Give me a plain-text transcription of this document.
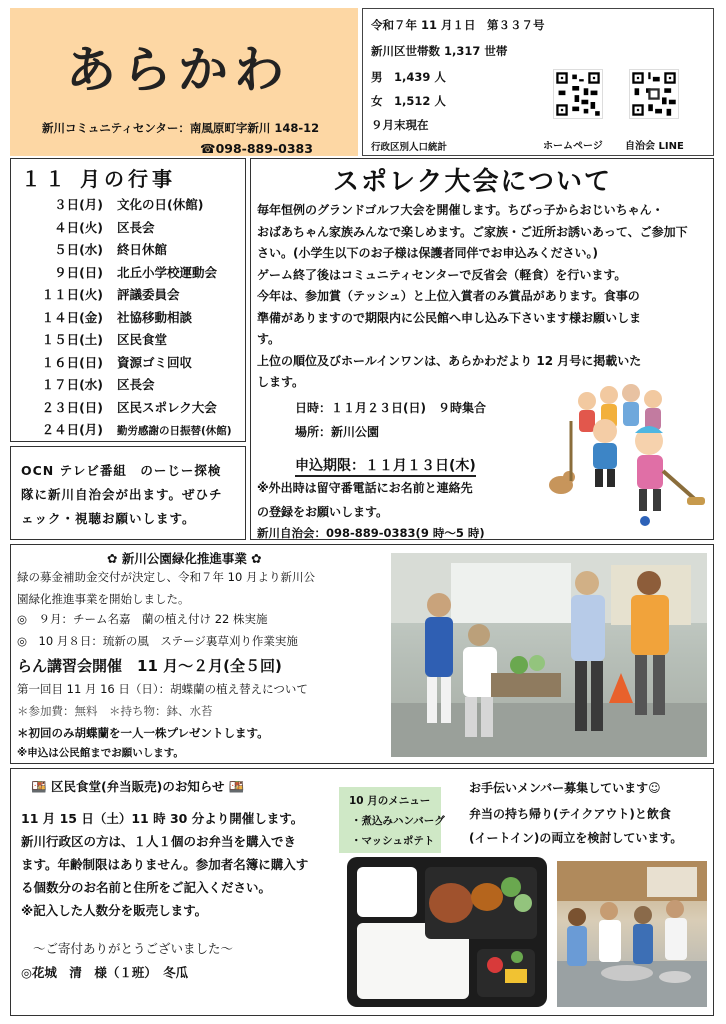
あらかわ
新川コミュニティセンター：南風原町字新川 148-12
☎098-889-0383
令和７年 11 月１日　第３３７号
新川区世帯数 1,317 世帯
男　1,439 人
女　1,512 人
９月末現在
行政区別人口統計	ホームページ 自治会 LINE
１１ 月の行事
３日(月) 文化の日(休館)
４日(火) 区長会
５日(水) 終日休館
９日(日) 北丘小学校運動会
１１日(火) 評議委員会
１４日(金) 社協移動相談
１５日(土) 区民食堂
１６日(日) 資源ゴミ回収
１７日(水) 区長会
２３日(日) 区民スポレク大会
２４日(月) 勤労感謝の日振替(休館)
OCN テレビ番組　のーじー探検
隊に新川自治会が出ます。ぜひチ
ェック・視聴お願いします。
スポレク大会について
毎年恒例のグランドゴルフ大会を開催します。ちびっ子からおじいちゃん・
おばあちゃん家族みんなで楽しめます。ご家族・ご近所お誘いあって、ご参加下
さい。(小学生以下のお子様は保護者同伴でお申込みください。)
ゲーム終了後はコミュニティセンターで反省会（軽食）を行います。
今年は、参加賞（テッシュ）と上位入賞者のみ賞品があります。食事の
準備がありますので期限内に公民館へ申し込み下さいます様お願いしま
す。
上位の順位及びホールインワンは、あらかわだより 12 月号に掲載いた
します。
日時：１１月２３日(日)　９時集合
場所：新川公園
申込期限：１１月１３日(木)
※外出時は留守番電話にお名前と連絡先
の登録をお願いします。
新川自治会：098-889-0383(9 時～5 時)
✿ 新川公園緑化推進事業 ✿
緑の募金補助金交付が決定し、令和７年 10 月より新川公
園緑化推進事業を開始しました。
◎　９月：チーム名嘉　蘭の植え付け 22 株実施
◎　10 月８日：琉新の風　ステージ裏草刈り作業実施
らん講習会開催　11 月～２月(全５回)
第一回目 11 月 16 日（日）：胡蝶蘭の植え替えについて
＊参加費：無料　＊持ち物：鉢、水苔
＊初回のみ胡蝶蘭を一人一株プレゼントします。
※申込は公民館までお願いします。
🍱 区民食堂(弁当販売)のお知らせ 🍱
11 月 15 日（土）11 時 30 分より開催します。
新川行政区の方は、１人１個のお弁当を購入でき
ます。年齢制限はありません。参加者名簿に購入す
る個数分のお名前と住所をご記入ください。
※記入した人数分を販売します。
～ご寄付ありがとうございました～
◎花城　清　様（１班）　冬瓜
10 月のメニュー
・煮込みハンバーグ
・マッシュポテト
お手伝いメンバー募集しています☺
弁当の持ち帰り(テイクアウト)と飲食
(イートイン)の両立を検討しています。
